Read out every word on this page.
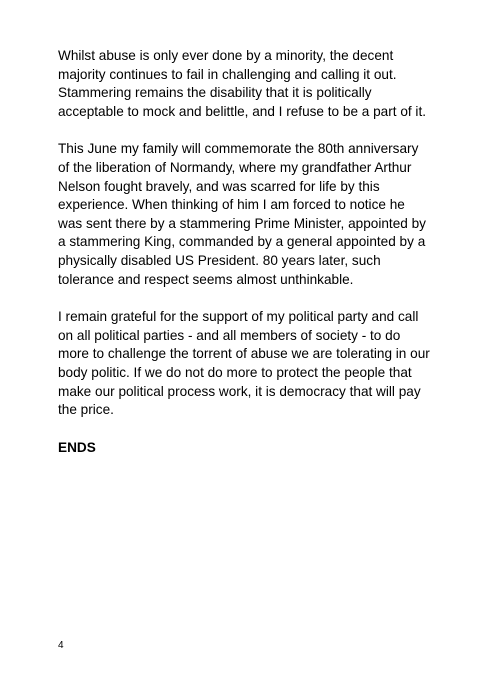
Whilst abuse is only ever done by a minority, the decent
majority continues to fail in challenging and calling it out.
Stammering remains the disability that it is politically
acceptable to mock and belittle, and I refuse to be a part of it.

This June my family will commemorate the 80th anniversary
of the liberation of Normandy, where my grandfather Arthur
Nelson fought bravely, and was scarred for life by this
experience. When thinking of him I am forced to notice he
was sent there by a stammering Prime Minister, appointed by
a stammering King, commanded by a general appointed by a
physically disabled US President. 80 years later, such
tolerance and respect seems almost unthinkable.

I remain grateful for the support of my political party and call
on all political parties - and all members of society - to do
more to challenge the torrent of abuse we are tolerating in our
body politic. If we do not do more to protect the people that
make our political process work, it is democracy that will pay
the price.

ENDS

4
